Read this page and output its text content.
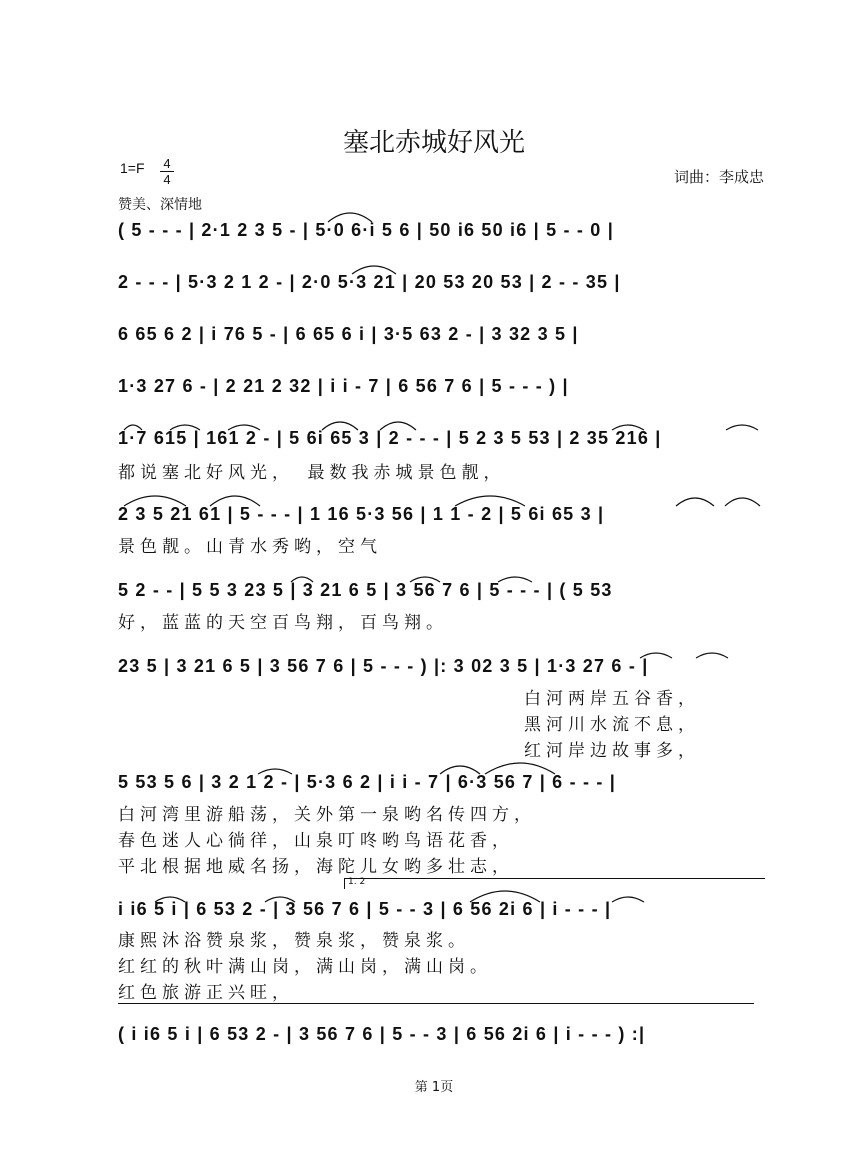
塞北赤城好风光
1=F 4
4	词曲：李成忠
赞美、深情地
( 5 - - - | 2·1 2 3 5 - | 5·0 6·i 5 6 | 50 i6 50 i6 | 5 - - 0 |
2 - - - | 5·3 2 1 2 - | 2·0 5·3 21 | 20 53 20 53 | 2 - - 35 |
6 65 6 2 | i 76 5 - | 6 65 6 i | 3·5 63 2 - | 3 32 3 5 |
1·3 27 6 - | 2 21 2 32 | i i - 7 | 6 56 7 6 | 5 - - - ) |
1·7 615 | 161 2 - | 5 6i 65 3 | 2 - - - | 5 2 3 5 53 | 2 35 216 |
2 3 5 21 61 | 5 - - - | 1 16 5·3 56 | 1 1 - 2 | 5 6i 65 3 |
5 2 - - | 5 5 3 23 5 | 3 21 6 5 | 3 56 7 6 | 5 - - - | ( 5 53
23 5 | 3 21 6 5 | 3 56 7 6 | 5 - - - ) |: 3 02 3 5 | 1·3 27 6 - |
5 53 5 6 | 3 2 1 2 - | 5·3 6 2 | i i - 7 | 6·3 56 7 | 6 - - - |
i i6 5 i | 6 53 2 - | 3 56 7 6 | 5 - - 3 | 6 56 2i 6 | i - - - |
( i i6 5 i | 6 53 2 - | 3 56 7 6 | 5 - - 3 | 6 56 2i 6 | i - - - ) :|
都说塞北好风光，　最数我赤城景色靓，
景色靓。山青水秀哟，空气
好，蓝蓝的天空百鸟翔，百鸟翔。
白河两岸五谷香，
黑河川水流不息，
红河岸边故事多，
白河湾里游船荡，关外第一泉哟名传四方，
春色迷人心徜徉，山泉叮咚哟鸟语花香，
平北根据地威名扬，海陀儿女哟多壮志，
康熙沐浴赞泉浆，赞泉浆，赞泉浆。
红红的秋叶满山岗，满山岗，满山岗。
红色旅游正兴旺，
1. 2
第 1页
